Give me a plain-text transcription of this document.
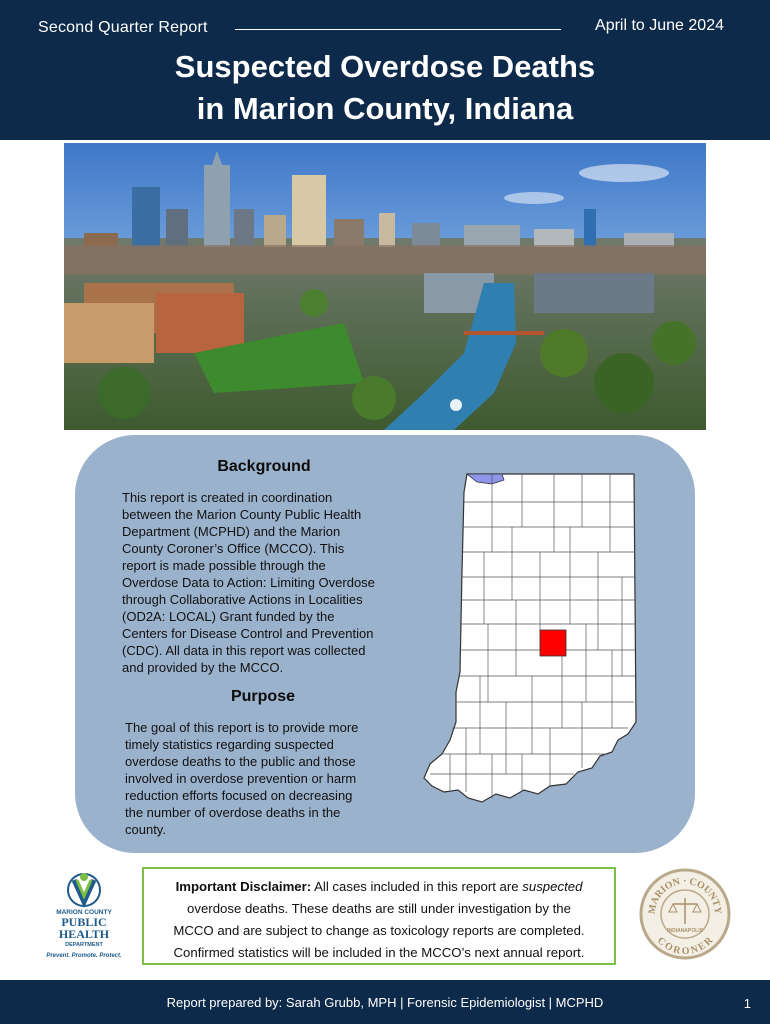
Second Quarter Report	April to June 2024
Suspected Overdose Deaths
in Marion County, Indiana
Background
This report is created in coordination
between the Marion County Public Health
Department (MCPHD) and the Marion
County Coroner’s Office (MCCO). This
report is made possible through the
Overdose Data to Action: Limiting Overdose
through Collaborative Actions in Localities
(OD2A: LOCAL) Grant funded by the
Centers for Disease Control and Prevention
(CDC). All data in this report was collected
and provided by the MCCO.
Purpose
The goal of this report is to provide more
timely statistics regarding suspected
overdose deaths to the public and those
involved in overdose prevention or harm
reduction efforts focused on decreasing
the number of overdose deaths in the
county.
MARION COUNTY
PUBLIC
HEALTH
DEPARTMENT
Prevent. Promote. Protect.
Important Disclaimer: All cases included in this report are suspected
overdose deaths. These deaths are still under investigation by the
MCCO and are subject to change as toxicology reports are completed.
Confirmed statistics will be included in the MCCO’s next annual report.
MARION · COUNTY
CORONER
INDIANAPOLIS
Report prepared by: Sarah Grubb, MPH | Forensic Epidemiologist | MCPHD	1
